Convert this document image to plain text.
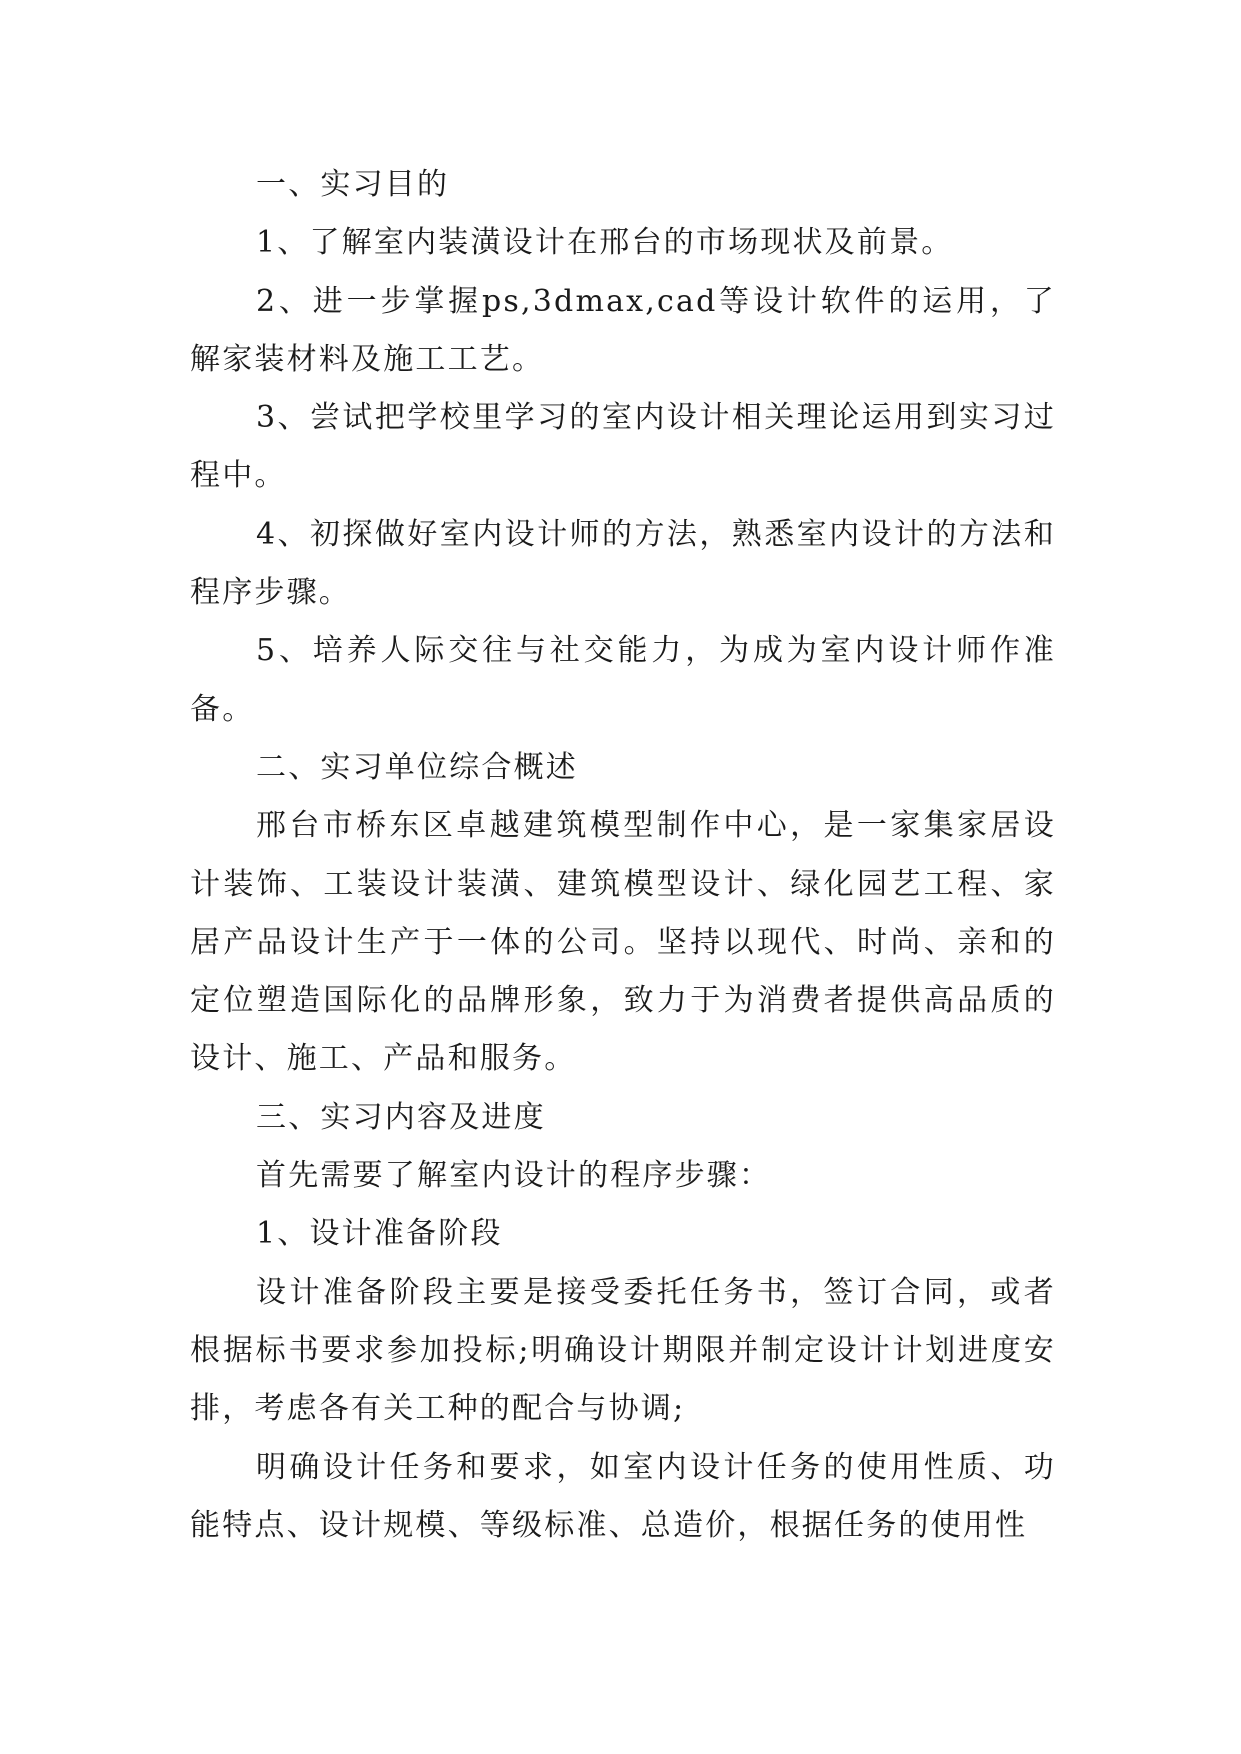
一、实习目的

1、了解室内装潢设计在邢台的市场现状及前景。

2、进一步掌握ps,3dmax,cad等设计软件的运用，了解家装材料及施工工艺。

3、尝试把学校里学习的室内设计相关理论运用到实习过程中。

4、初探做好室内设计师的方法，熟悉室内设计的方法和程序步骤。

5、培养人际交往与社交能力，为成为室内设计师作准备。

二、实习单位综合概述

邢台市桥东区卓越建筑模型制作中心，是一家集家居设计装饰、工装设计装潢、建筑模型设计、绿化园艺工程、家居产品设计生产于一体的公司。坚持以现代、时尚、亲和的定位塑造国际化的品牌形象，致力于为消费者提供高品质的设计、施工、产品和服务。

三、实习内容及进度

首先需要了解室内设计的程序步骤：

1、设计准备阶段

设计准备阶段主要是接受委托任务书，签订合同，或者根据标书要求参加投标;明确设计期限并制定设计计划进度安排，考虑各有关工种的配合与协调;

明确设计任务和要求，如室内设计任务的使用性质、功能特点、设计规模、等级标准、总造价，根据任务的使用性
